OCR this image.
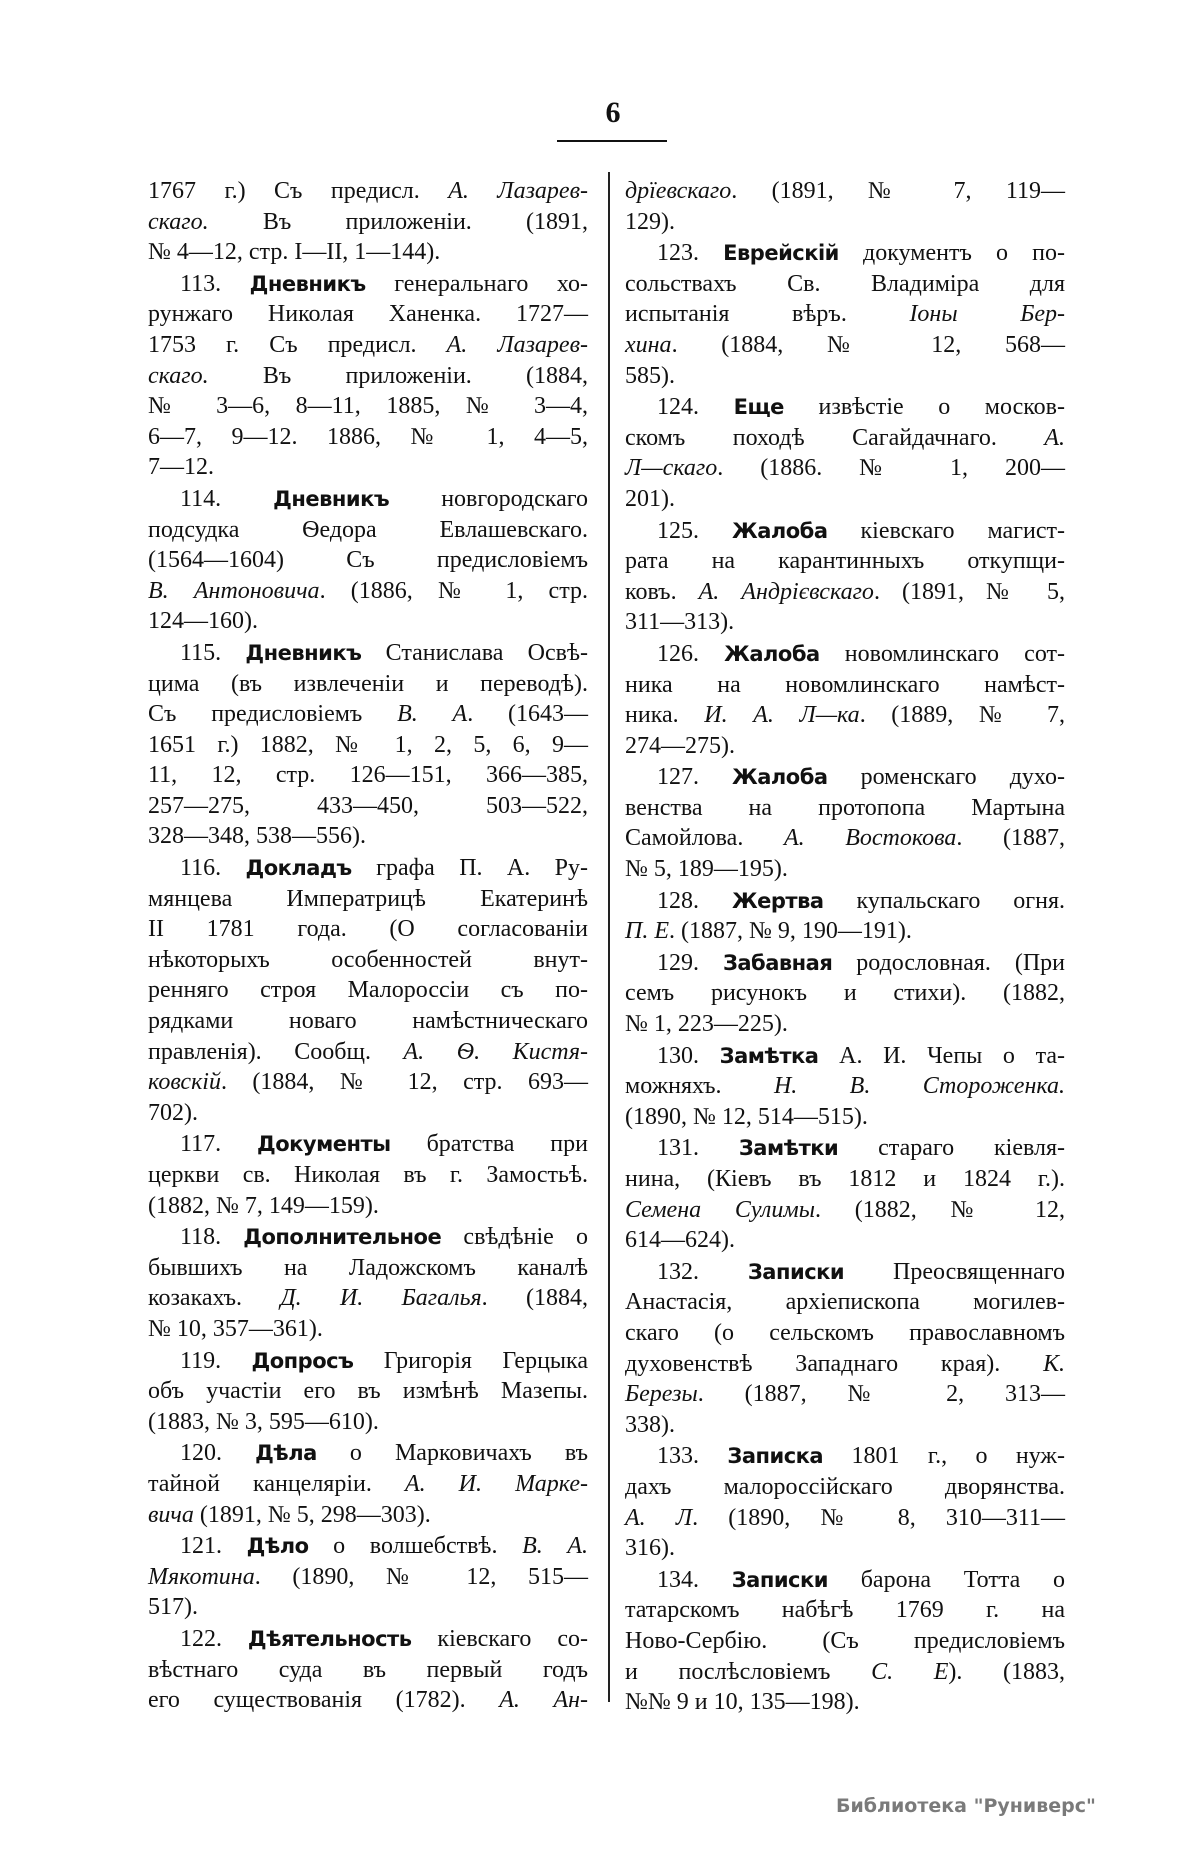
6
1767 г.) Съ предисл. А. Лазарев-
скаго. Въ приложеніи. (1891,
№ 4—12, стр. I—II, 1—144).
113. Дневникъ генеральнаго хо-
рунжаго Николая Ханенка. 1727—
1753 г. Съ предисл. А. Лазарев-
скаго. Въ приложеніи. (1884,
№ 3—6, 8—11, 1885, № 3—4,
6—7, 9—12. 1886, № 1, 4—5,
7—12.
114. Дневникъ новгородскаго
подсудка Ѳедора Евлашевскаго.
(1564—1604) Съ предисловіемъ
В. Антоновича. (1886, № 1, стр.
124—160).
115. Дневникъ Станислава Освѣ-
цима (въ извлеченіи и переводѣ).
Съ предисловіемъ В. А. (1643—
1651 г.) 1882, № 1, 2, 5, 6, 9—
11, 12, стр. 126—151, 366—385,
257—275, 433—450, 503—522,
328—348, 538—556).
116. Докладъ графа П. А. Ру-
мянцева Императрицѣ Екатеринѣ
II 1781 года. (О согласованіи
нѣкоторыхъ особенностей внут-
ренняго строя Малороссіи съ по-
рядками новаго намѣстническаго
правленія). Сообщ. А. Ѳ. Кистя-
ковскій. (1884, № 12, стр. 693—
702).
117. Документы братства при
церкви св. Николая въ г. Замостьѣ.
(1882, № 7, 149—159).
118. Дополнительное свѣдѣніе о
бывшихъ на Ладожскомъ каналѣ
козакахъ. Д. И. Багалья. (1884,
№ 10, 357—361).
119. Допросъ Григорія Герцыка
объ участіи его въ измѣнѣ Мазепы.
(1883, № 3, 595—610).
120. Дѣла о Марковичахъ въ
тайной канцеляріи. А. И. Марке-
вича (1891, № 5, 298—303).
121. Дѣло о волшебствѣ. В. А.
Мякотина. (1890, № 12, 515—
517).
122. Дѣятельность кіевскаго со-
вѣстнаго суда въ первый годъ
его существованія (1782). А. Ан-
дрїевскаго. (1891, № 7, 119—
129).
123. Еврейскій документъ о по-
сольствахъ Св. Владиміра для
испытанія вѣръ. Іоны Бер-
хина. (1884, № 12, 568—
585).
124. Еще извѣстіе о москов-
скомъ походѣ Сагайдачнаго. А.
Л—скаго. (1886. № 1, 200—
201).
125. Жалоба кіевскаго магист-
рата на карантинныхъ откупщи-
ковъ. А. Андрієвскаго. (1891, № 5,
311—313).
126. Жалоба новомлинскаго сот-
ника на новомлинскаго намѣст-
ника. И. А. Л—ка. (1889, № 7,
274—275).
127. Жалоба роменскаго духо-
венства на протопопа Мартына
Самойлова. А. Востокова. (1887,
№ 5, 189—195).
128. Жертва купальскаго огня.
П. Е. (1887, № 9, 190—191).
129. Забавная родословная. (При
семъ рисунокъ и стихи). (1882,
№ 1, 223—225).
130. Замѣтка А. И. Чепы о та-
можняхъ. Н. В. Стороженка.
(1890, № 12, 514—515).
131. Замѣтки стараго кіевля-
нина, (Кіевъ въ 1812 и 1824 г.).
Семена Сулимы. (1882, № 12,
614—624).
132. Записки Преосвященнаго
Анастасія, архіепископа могилев-
скаго (о сельскомъ православномъ
духовенствѣ Западнаго края). К.
Березы. (1887, № 2, 313—
338).
133. Записка 1801 г., о нуж-
дахъ малороссійскаго дворянства.
А. Л. (1890, № 8, 310—311—
316).
134. Записки барона Тотта о
татарскомъ набѣгѣ 1769 г. на
Ново-Сербію. (Съ предисловіемъ
и послѣсловіемъ С. Е). (1883,
№№ 9 и 10, 135—198).
Библиотека "Руниверс"
